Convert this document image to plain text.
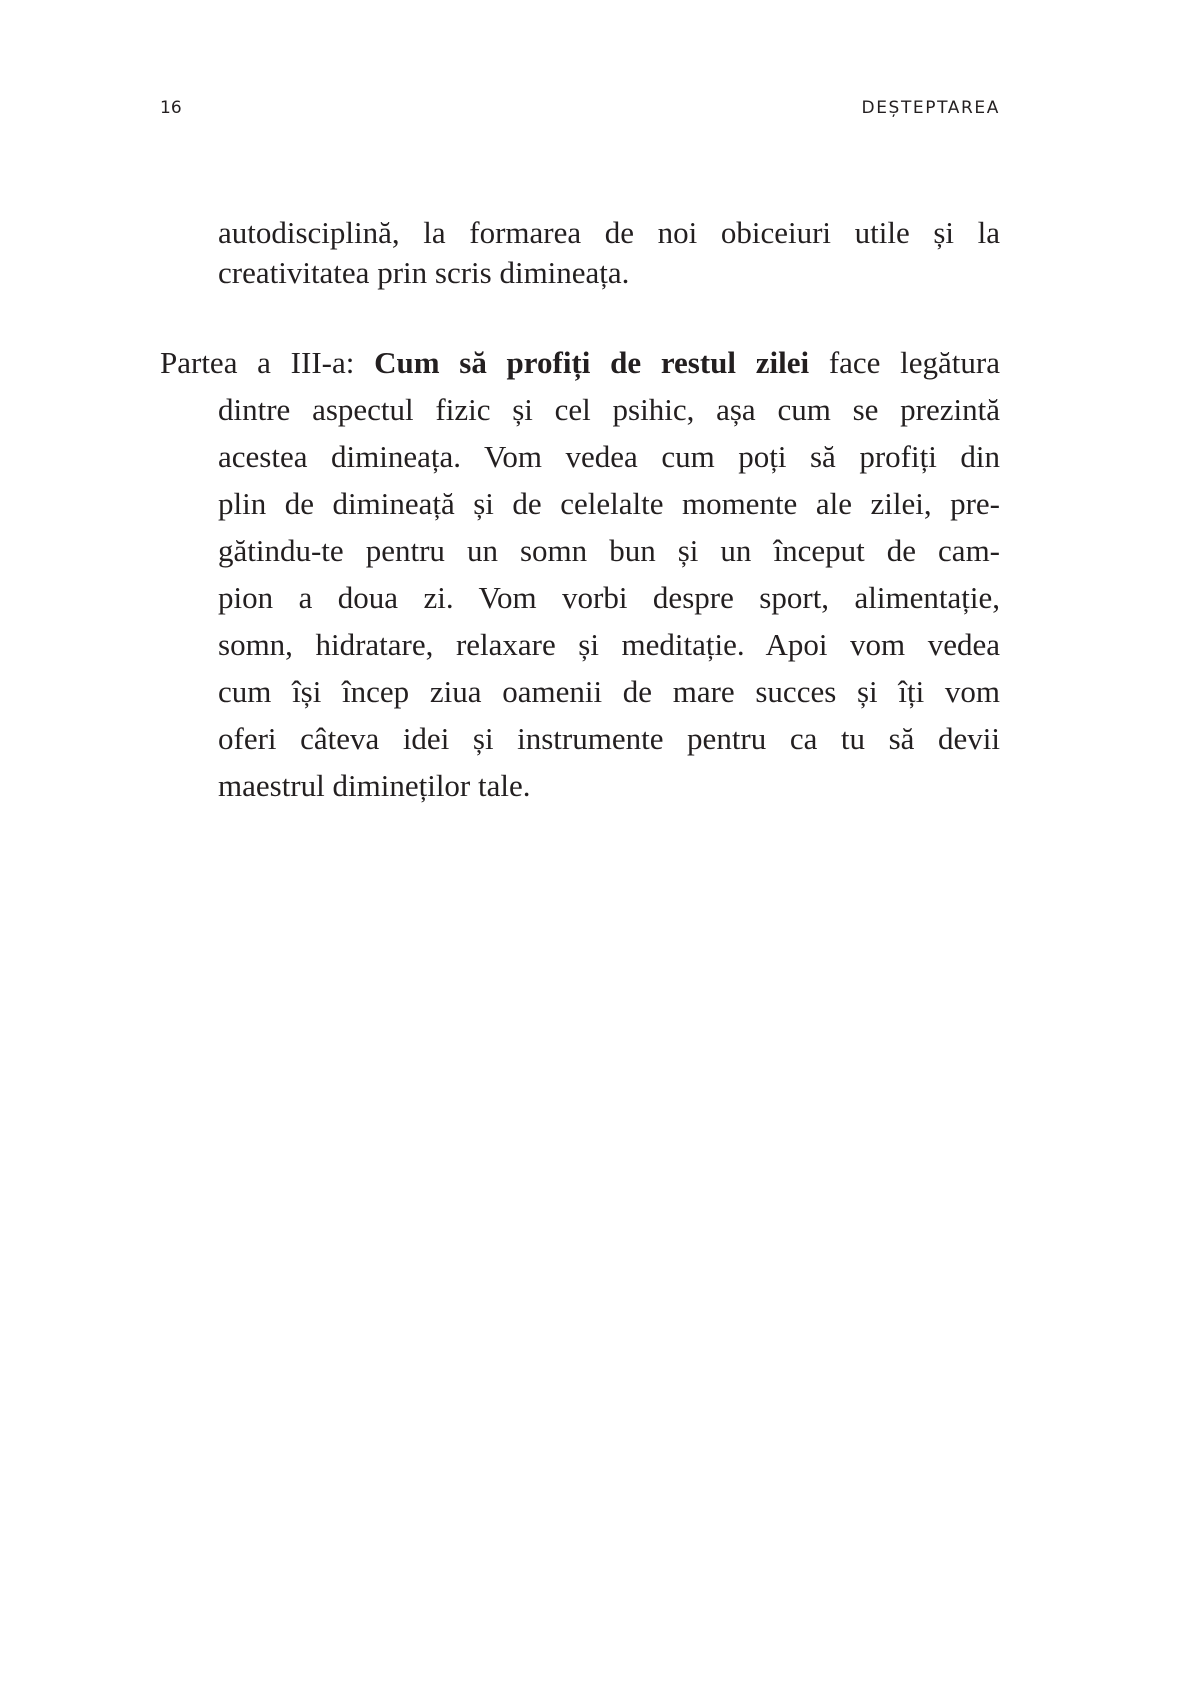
16	DEȘTEPTAREA
autodisciplină, la formarea de noi obiceiuri utile și la
creativitatea prin scris dimineața.
Partea a III-a: Cum să profiți de restul zilei face legătura
dintre aspectul fizic și cel psihic, așa cum se prezintă
acestea dimineața. Vom vedea cum poți să profiți din
plin de dimineață și de celelalte momente ale zilei, pre-
gătindu-te pentru un somn bun și un început de cam-
pion a doua zi. Vom vorbi despre sport, alimentație,
somn, hidratare, relaxare și meditație. Apoi vom vedea
cum își încep ziua oamenii de mare succes și îți vom
oferi câteva idei și instrumente pentru ca tu să devii
maestrul dimineților tale.
